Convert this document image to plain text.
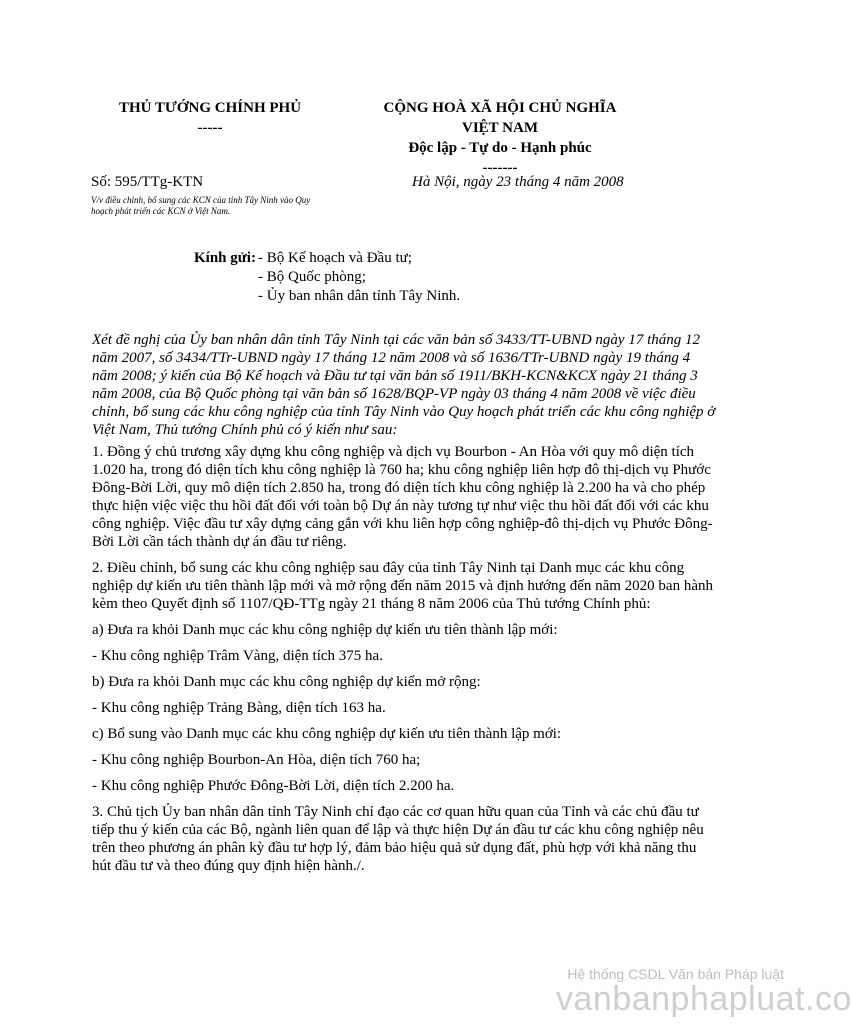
THỦ TƯỚNG CHÍNH PHỦ
-----
CỘNG HOÀ XÃ HỘI CHỦ NGHĨA
VIỆT NAM
Độc lập - Tự do - Hạnh phúc
-------
Số: 595/TTg-KTN	Hà Nội, ngày 23 tháng 4 năm 2008
V/v điều chỉnh, bổ sung các KCN của tỉnh Tây Ninh vào Quy
hoạch phát triển các KCN ở Việt Nam.
Kính gửi: - Bộ Kế hoạch và Đầu tư;
- Bộ Quốc phòng;
- Ủy ban nhân dân tỉnh Tây Ninh.

Xét đề nghị của Ủy ban nhân dân tỉnh Tây Ninh tại các văn bản số 3433/TT-UBND ngày 17 tháng 12 năm 2007, số 3434/TTr-UBND ngày 17 tháng 12 năm 2008 và số 1636/TTr-UBND ngày 19 tháng 4 năm 2008; ý kiến của Bộ Kế hoạch và Đầu tư tại văn bản số 1911/BKH-KCN&KCX ngày 21 tháng 3 năm 2008, của Bộ Quốc phòng tại văn bản số 1628/BQP-VP ngày 03 tháng 4 năm 2008 về việc điều chỉnh, bổ sung các khu công nghiệp của tỉnh Tây Ninh vào Quy hoạch phát triển các khu công nghiệp ở Việt Nam, Thủ tướng Chính phủ có ý kiến như sau:

1. Đồng ý chủ trương xây dựng khu công nghiệp và dịch vụ Bourbon - An Hòa với quy mô diện tích 1.020 ha, trong đó diện tích khu công nghiệp là 760 ha; khu công nghiệp liên hợp đô thị-dịch vụ Phước Đông-Bời Lời, quy mô diện tích 2.850 ha, trong đó diện tích khu công nghiệp là 2.200 ha và cho phép thực hiện việc việc thu hồi đất đối với toàn bộ Dự án này tương tự như việc thu hồi đất đối với các khu công nghiệp. Việc đầu tư xây dựng cảng gắn với khu liên hợp công nghiệp-đô thị-dịch vụ Phước Đông-Bời Lời cần tách thành dự án đầu tư riêng.

2. Điều chỉnh, bổ sung các khu công nghiệp sau đây của tỉnh Tây Ninh tại Danh mục các khu công nghiệp dự kiến ưu tiên thành lập mới và mở rộng đến năm 2015 và định hướng đến năm 2020 ban hành kèm theo Quyết định số 1107/QĐ-TTg ngày 21 tháng 8 năm 2006 của Thủ tướng Chính phủ:

a) Đưa ra khỏi Danh mục các khu công nghiệp dự kiến ưu tiên thành lập mới:

- Khu công nghiệp Trâm Vàng, diện tích 375 ha.

b) Đưa ra khỏi Danh mục các khu công nghiệp dự kiến mở rộng:

- Khu công nghiệp Trảng Bàng, diện tích 163 ha.

c) Bổ sung vào Danh mục các khu công nghiệp dự kiến ưu tiên thành lập mới:

- Khu công nghiệp Bourbon-An Hòa, diện tích 760 ha;

- Khu công nghiệp Phước Đông-Bời Lời, diện tích 2.200 ha.

3. Chủ tịch Ủy ban nhân dân tỉnh Tây Ninh chỉ đạo các cơ quan hữu quan của Tỉnh và các chủ đầu tư tiếp thu ý kiến của các Bộ, ngành liên quan để lập và thực hiện Dự án đầu tư các khu công nghiệp nêu trên theo phương án phân kỳ đầu tư hợp lý, đảm bảo hiệu quả sử dụng đất, phù hợp với khả năng thu hút đầu tư và theo đúng quy định hiện hành./.

Hệ thống CSDL Văn bản Pháp luật
vanbanphapluat.co
